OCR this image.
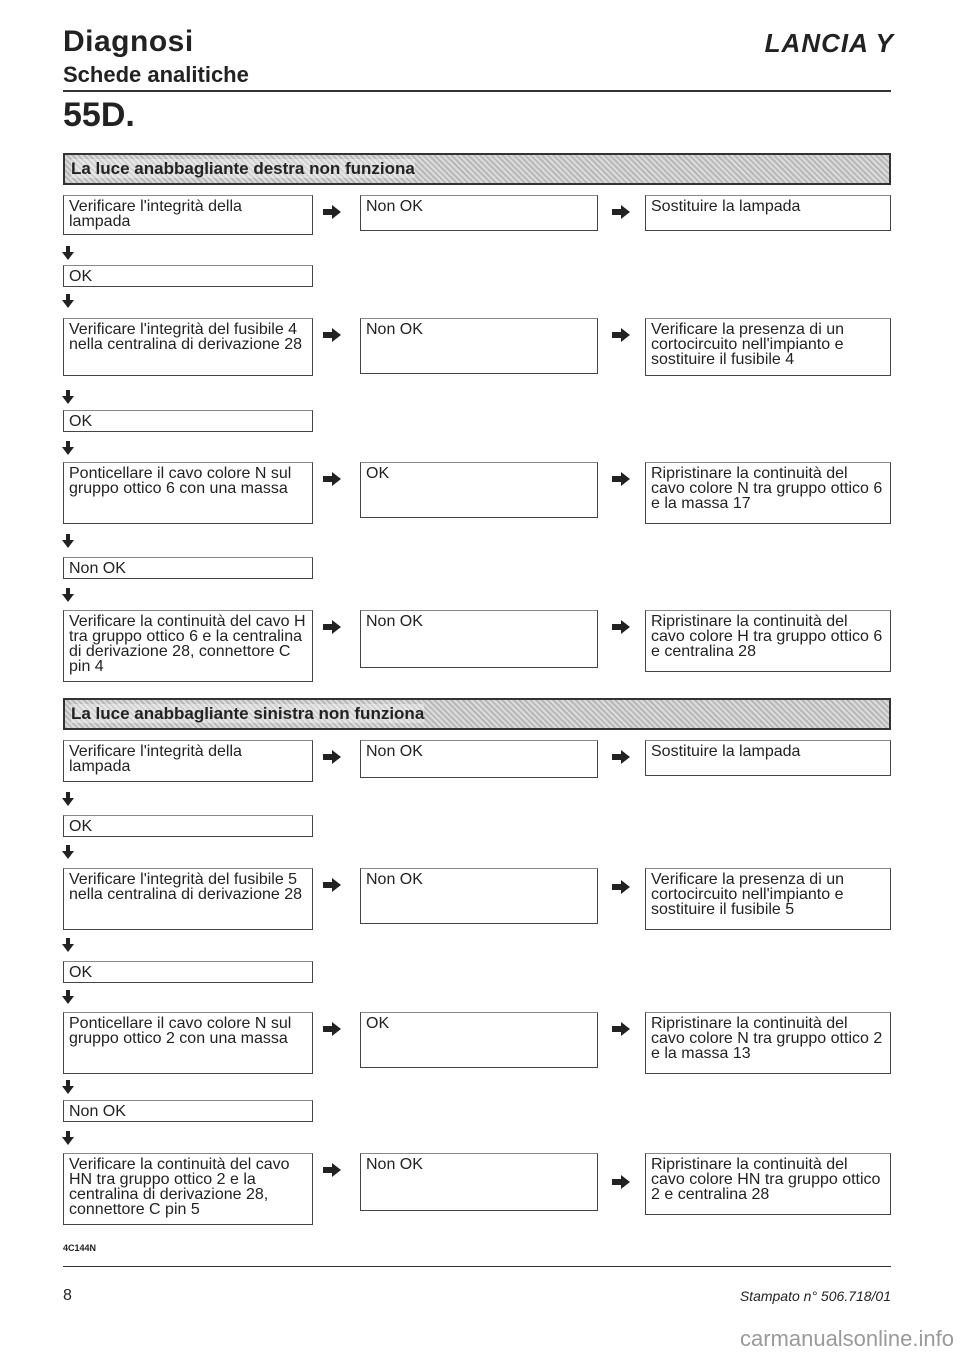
Diagnosi
Schede analitiche
LANCIA Y
55D.
La luce anabbagliante destra non funziona
Verificare l'integrità della lampada
Non OK	Sostituire la lampada
OK
Verificare l'integrità del fusibile 4 nella centralina di derivazione 28
Non OK	Verificare la presenza di un cortocircuito nell'impianto e sostituire il fusibile 4
OK
Ponticellare il cavo colore N sul gruppo ottico 6 con una massa
OK	Ripristinare la continuità del cavo colore N tra gruppo ottico 6 e la massa 17
Non OK
Verificare la continuità del cavo H tra gruppo ottico 6 e la centralina di derivazione 28, connettore C pin 4
Non OK	Ripristinare la continuità del cavo colore H tra gruppo ottico 6 e centralina 28
La luce anabbagliante sinistra non funziona
Verificare l'integrità della lampada
Non OK	Sostituire la lampada
OK
Verificare l'integrità del fusibile 5 nella centralina di derivazione 28
Non OK	Verificare la presenza di un cortocircuito nell'impianto e sostituire il fusibile 5
OK
Ponticellare il cavo colore N sul gruppo ottico 2 con una massa
OK	Ripristinare la continuità del cavo colore N tra gruppo ottico 2 e la massa 13
Non OK
Verificare la continuità del cavo HN tra gruppo ottico 2 e la centralina di derivazione 28, connettore C pin 5
Non OK	Ripristinare la continuità del cavo colore HN tra gruppo ottico 2 e centralina 28
4C144N
8	Stampato n° 506.718/01
carmanualsonline.info
